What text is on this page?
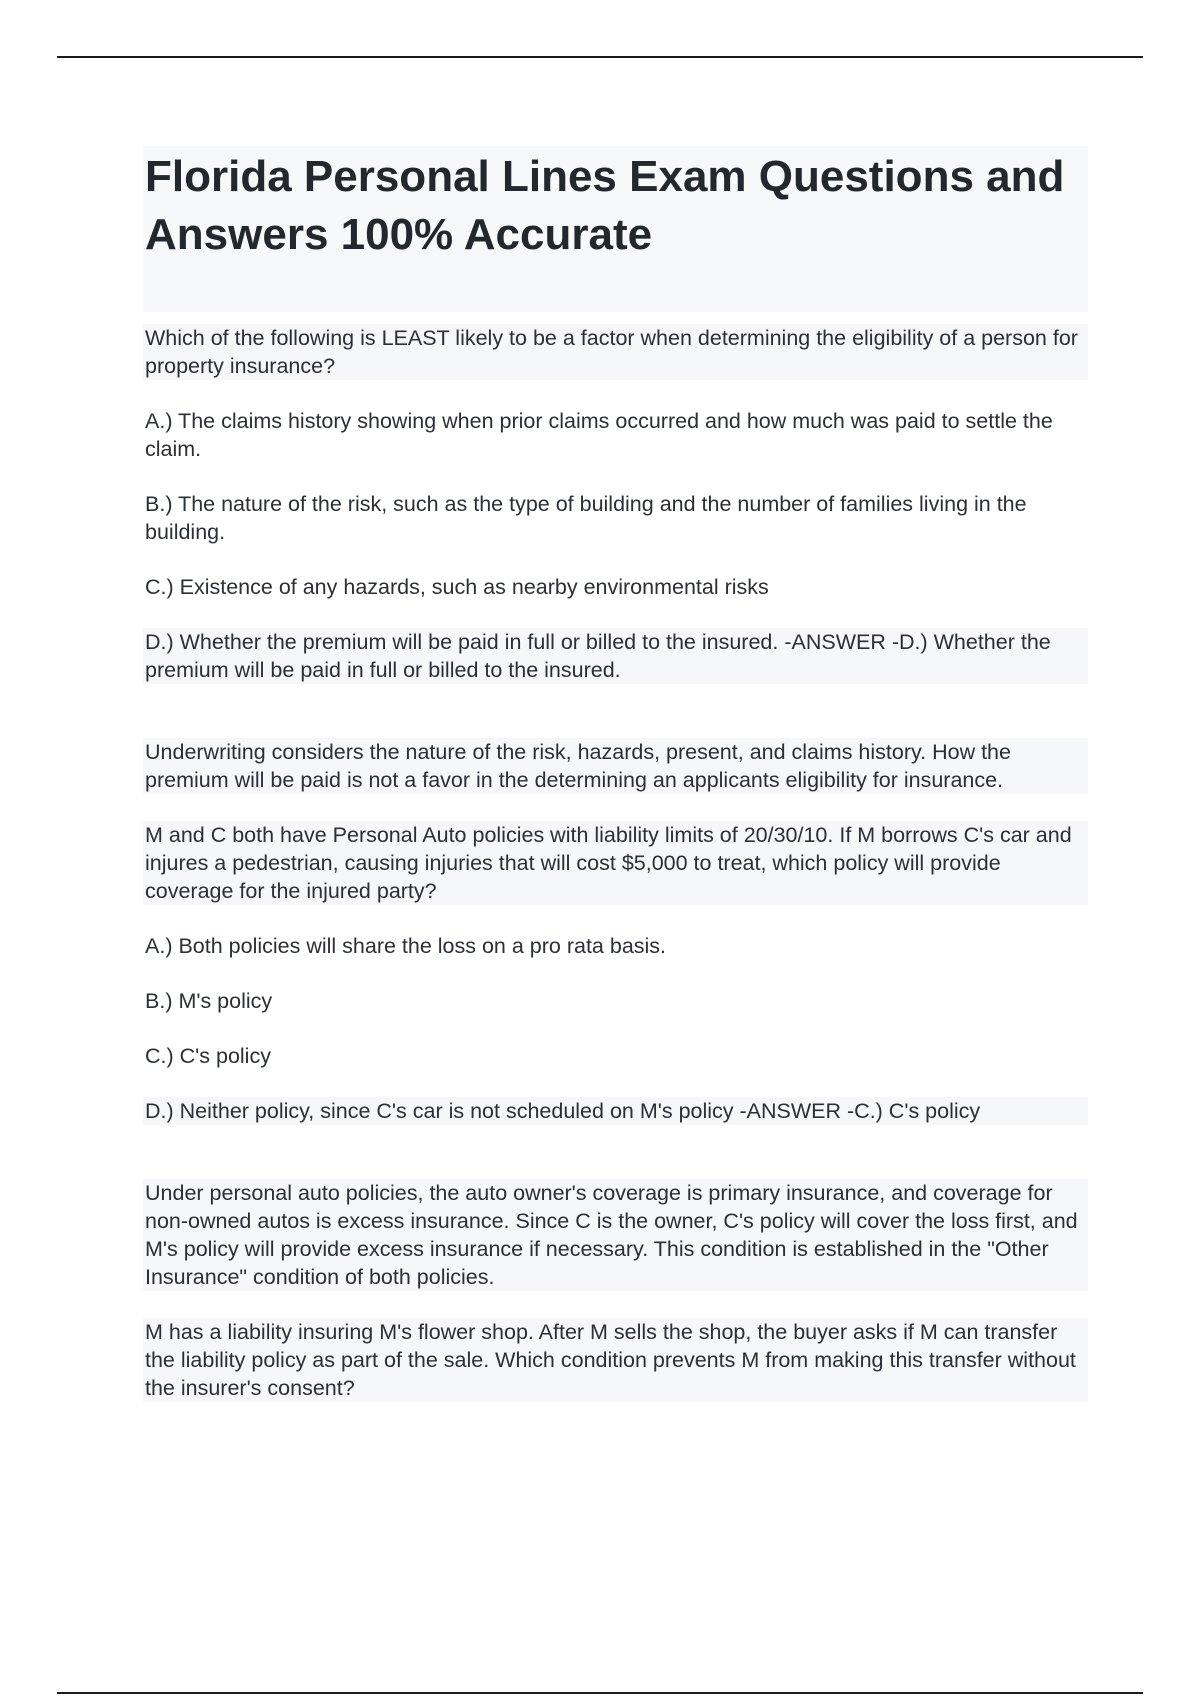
Florida Personal Lines Exam Questions and Answers 100% Accurate

Which of the following is LEAST likely to be a factor when determining the eligibility of a person for property insurance?

A.) The claims history showing when prior claims occurred and how much was paid to settle the claim.

B.) The nature of the risk, such as the type of building and the number of families living in the building.

C.) Existence of any hazards, such as nearby environmental risks

D.) Whether the premium will be paid in full or billed to the insured. -ANSWER -D.) Whether the premium will be paid in full or billed to the insured.

Underwriting considers the nature of the risk, hazards, present, and claims history. How the premium will be paid is not a favor in the determining an applicants eligibility for insurance.

M and C both have Personal Auto policies with liability limits of 20/30/10. If M borrows C's car and injures a pedestrian, causing injuries that will cost $5,000 to treat, which policy will provide coverage for the injured party?

A.) Both policies will share the loss on a pro rata basis.

B.) M's policy

C.) C's policy

D.) Neither policy, since C's car is not scheduled on M's policy -ANSWER -C.) C's policy

Under personal auto policies, the auto owner's coverage is primary insurance, and coverage for non-owned autos is excess insurance. Since C is the owner, C's policy will cover the loss first, and M's policy will provide excess insurance if necessary. This condition is established in the "Other Insurance" condition of both policies.

M has a liability insuring M's flower shop. After M sells the shop, the buyer asks if M can transfer the liability policy as part of the sale. Which condition prevents M from making this transfer without the insurer's consent?
